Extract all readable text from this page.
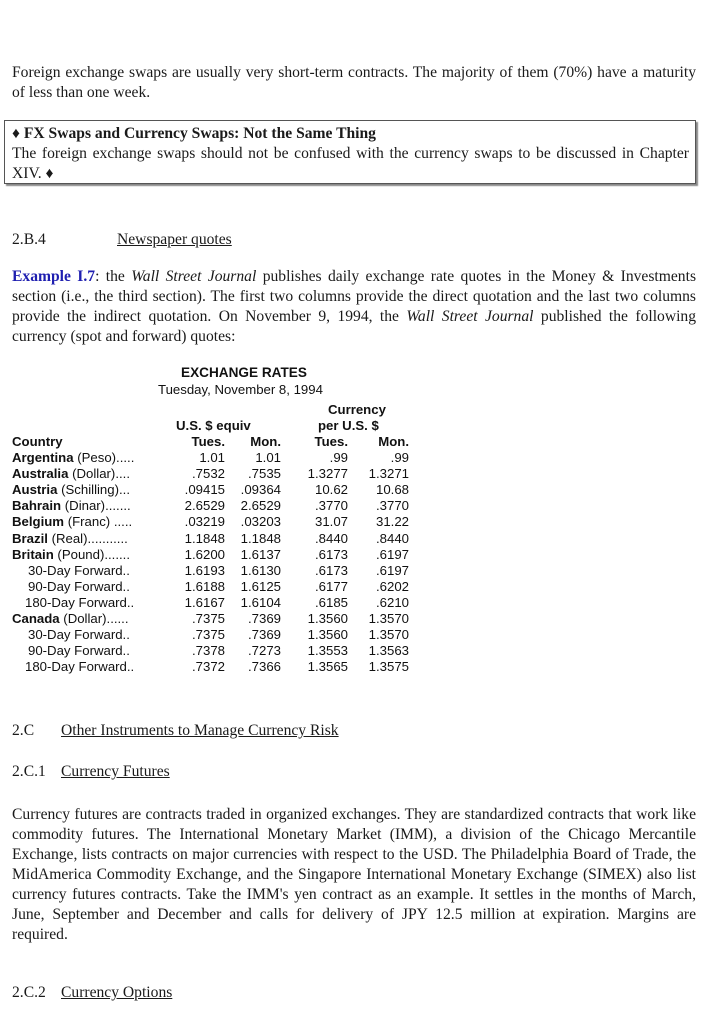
Foreign exchange swaps are usually very short-term contracts. The majority of them (70%) have a maturity of less than one week.
♦ FX Swaps and Currency Swaps: Not the Same Thing
The foreign exchange swaps should not be confused with the currency swaps to be discussed in Chapter XIV. ♦
2.B.4	Newspaper quotes
Example I.7: the Wall Street Journal publishes daily exchange rate quotes in the Money & Investments section (i.e., the third section). The first two columns provide the direct quotation and the last two columns provide the indirect quotation. On November 9, 1994, the Wall Street Journal published the following currency (spot and forward) quotes:
EXCHANGE RATES
Tuesday, November 8, 1994
Currency
U.S. $ equiv	per U.S. $
Country	Tues.	Mon.	Tues.	Mon.
Argentina (Peso).....	1.01	1.01	.99	.99
Australia (Dollar)....	.7532	.7535	1.3277	1.3271
Austria (Schilling)...	.09415	.09364	10.62	10.68
Bahrain (Dinar).......	2.6529	2.6529	.3770	.3770
Belgium (Franc) .....	.03219	.03203	31.07	31.22
Brazil (Real)...........	1.1848	1.1848	.8440	.8440
Britain (Pound).......	1.6200	1.6137	.6173	.6197
30-Day Forward..	1.6193	1.6130	.6173	.6197
90-Day Forward..	1.6188	1.6125	.6177	.6202
180-Day Forward..	1.6167	1.6104	.6185	.6210
Canada (Dollar)......	.7375	.7369	1.3560	1.3570
30-Day Forward..	.7375	.7369	1.3560	1.3570
90-Day Forward..	.7378	.7273	1.3553	1.3563
180-Day Forward..	.7372	.7366	1.3565	1.3575
2.C Other Instruments to Manage Currency Risk
2.C.1 Currency Futures
Currency futures are contracts traded in organized exchanges. They are standardized contracts that work like commodity futures. The International Monetary Market (IMM), a division of the Chicago Mercantile Exchange, lists contracts on major currencies with respect to the USD. The Philadelphia Board of Trade, the MidAmerica Commodity Exchange, and the Singapore International Monetary Exchange (SIMEX) also list currency futures contracts. Take the IMM's yen contract as an example. It settles in the months of March, June, September and December and calls for delivery of JPY 12.5 million at expiration. Margins are required.
2.C.2 Currency Options
